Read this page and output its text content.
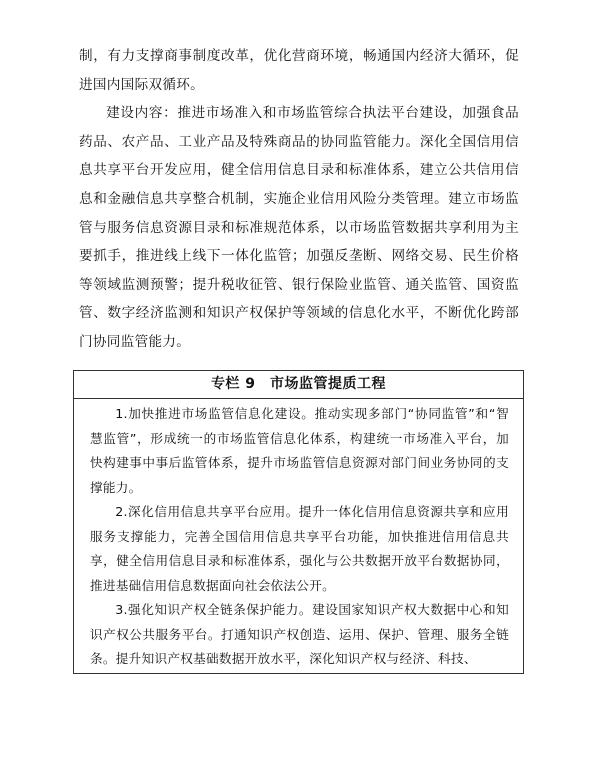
制，有力支撑商事制度改革，优化营商环境，畅通国内经济大循环，促进国内国际双循环。

建设内容：推进市场准入和市场监管综合执法平台建设，加强食品药品、农产品、工业产品及特殊商品的协同监管能力。深化全国信用信息共享平台开发应用，健全信用信息目录和标准体系，建立公共信用信息和金融信息共享整合机制，实施企业信用风险分类管理。建立市场监管与服务信息资源目录和标准规范体系，以市场监管数据共享利用为主要抓手，推进线上线下一体化监管；加强反垄断、网络交易、民生价格等领域监测预警；提升税收征管、银行保险业监管、通关监管、国资监管、数字经济监测和知识产权保护等领域的信息化水平，不断优化跨部门协同监管能力。

专栏 9　市场监管提质工程

1.加快推进市场监管信息化建设。推动实现多部门“协同监管”和“智慧监管”，形成统一的市场监管信息化体系，构建统一市场准入平台，加快构建事中事后监管体系，提升市场监管信息资源对部门间业务协同的支撑能力。

2.深化信用信息共享平台应用。提升一体化信用信息资源共享和应用服务支撑能力，完善全国信用信息共享平台功能，加快推进信用信息共享，健全信用信息目录和标准体系，强化与公共数据开放平台数据协同，推进基础信用信息数据面向社会依法公开。

3.强化知识产权全链条保护能力。建设国家知识产权大数据中心和知识产权公共服务平台。打通知识产权创造、运用、保护、管理、服务全链条。提升知识产权基础数据开放水平，深化知识产权与经济、科技、
